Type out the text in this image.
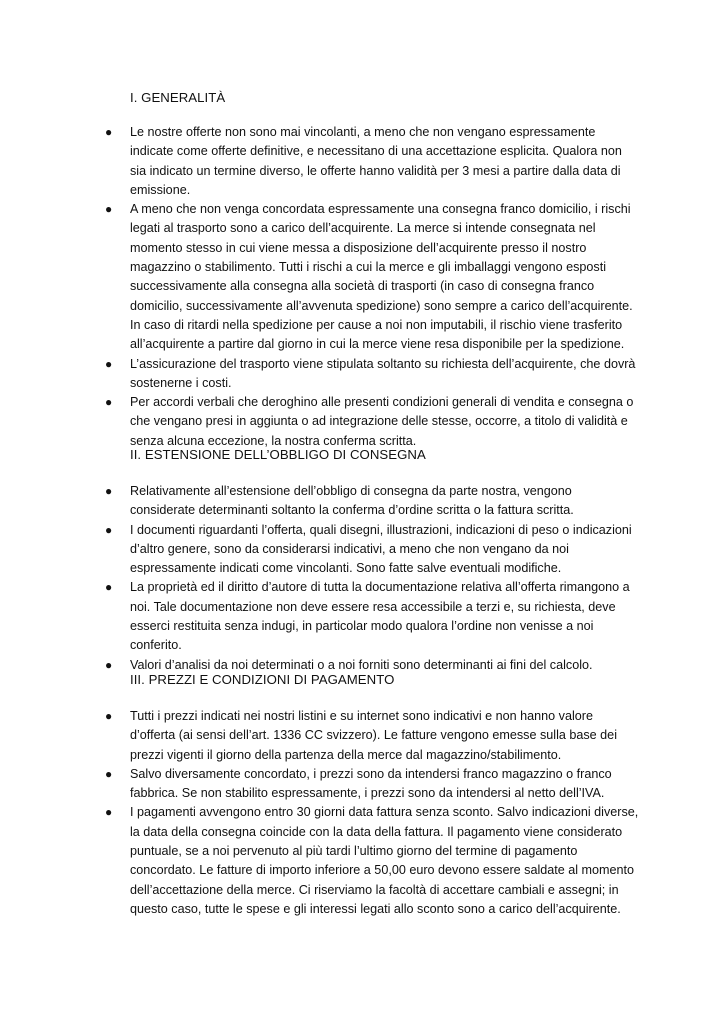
I. GENERALITÀ
● Le nostre offerte non sono mai vincolanti, a meno che non vengano espressamente indicate come offerte definitive, e necessitano di una accettazione esplicita. Qualora non sia indicato un termine diverso, le offerte hanno validità per 3 mesi a partire dalla data di emissione.
● A meno che non venga concordata espressamente una consegna franco domicilio, i rischi legati al trasporto sono a carico dell’acquirente. La merce si intende consegnata nel momento stesso in cui viene messa a disposizione dell’acquirente presso il nostro magazzino o stabilimento. Tutti i rischi a cui la merce e gli imballaggi vengono esposti successivamente alla consegna alla società di trasporti (in caso di consegna franco domicilio, successivamente all’avvenuta spedizione) sono sempre a carico dell’acquirente. In caso di ritardi nella spedizione per cause a noi non imputabili, il rischio viene trasferito all’acquirente a partire dal giorno in cui la merce viene resa disponibile per la spedizione.
● L’assicurazione del trasporto viene stipulata soltanto su richiesta dell’acquirente, che dovrà sostenerne i costi.
● Per accordi verbali che deroghino alle presenti condizioni generali di vendita e consegna o che vengano presi in aggiunta o ad integrazione delle stesse, occorre, a titolo di validità e senza alcuna eccezione, la nostra conferma scritta.
II. ESTENSIONE DELL’OBBLIGO DI CONSEGNA
● Relativamente all’estensione dell’obbligo di consegna da parte nostra, vengono considerate determinanti soltanto la conferma d’ordine scritta o la fattura scritta.
● I documenti riguardanti l’offerta, quali disegni, illustrazioni, indicazioni di peso o indicazioni d’altro genere, sono da considerarsi indicativi, a meno che non vengano da noi espressamente indicati come vincolanti. Sono fatte salve eventuali modifiche.
● La proprietà ed il diritto d’autore di tutta la documentazione relativa all’offerta rimangono a noi. Tale documentazione non deve essere resa accessibile a terzi e, su richiesta, deve esserci restituita senza indugi, in particolar modo qualora l’ordine non venisse a noi conferito.
● Valori d’analisi da noi determinati o a noi forniti sono determinanti ai fini del calcolo.
III. PREZZI E CONDIZIONI DI PAGAMENTO
● Tutti i prezzi indicati nei nostri listini e su internet sono indicativi e non hanno valore d’offerta (ai sensi dell’art. 1336 CC svizzero). Le fatture vengono emesse sulla base dei prezzi vigenti il giorno della partenza della merce dal magazzino/stabilimento.
● Salvo diversamente concordato, i prezzi sono da intendersi franco magazzino o franco fabbrica. Se non stabilito espressamente, i prezzi sono da intendersi al netto dell’IVA.
● I pagamenti avvengono entro 30 giorni data fattura senza sconto. Salvo indicazioni diverse, la data della consegna coincide con la data della fattura. Il pagamento viene considerato puntuale, se a noi pervenuto al più tardi l’ultimo giorno del termine di pagamento concordato. Le fatture di importo inferiore a 50,00 euro devono essere saldate al momento dell’accettazione della merce. Ci riserviamo la facoltà di accettare cambiali e assegni; in questo caso, tutte le spese e gli interessi legati allo sconto sono a carico dell’acquirente.
